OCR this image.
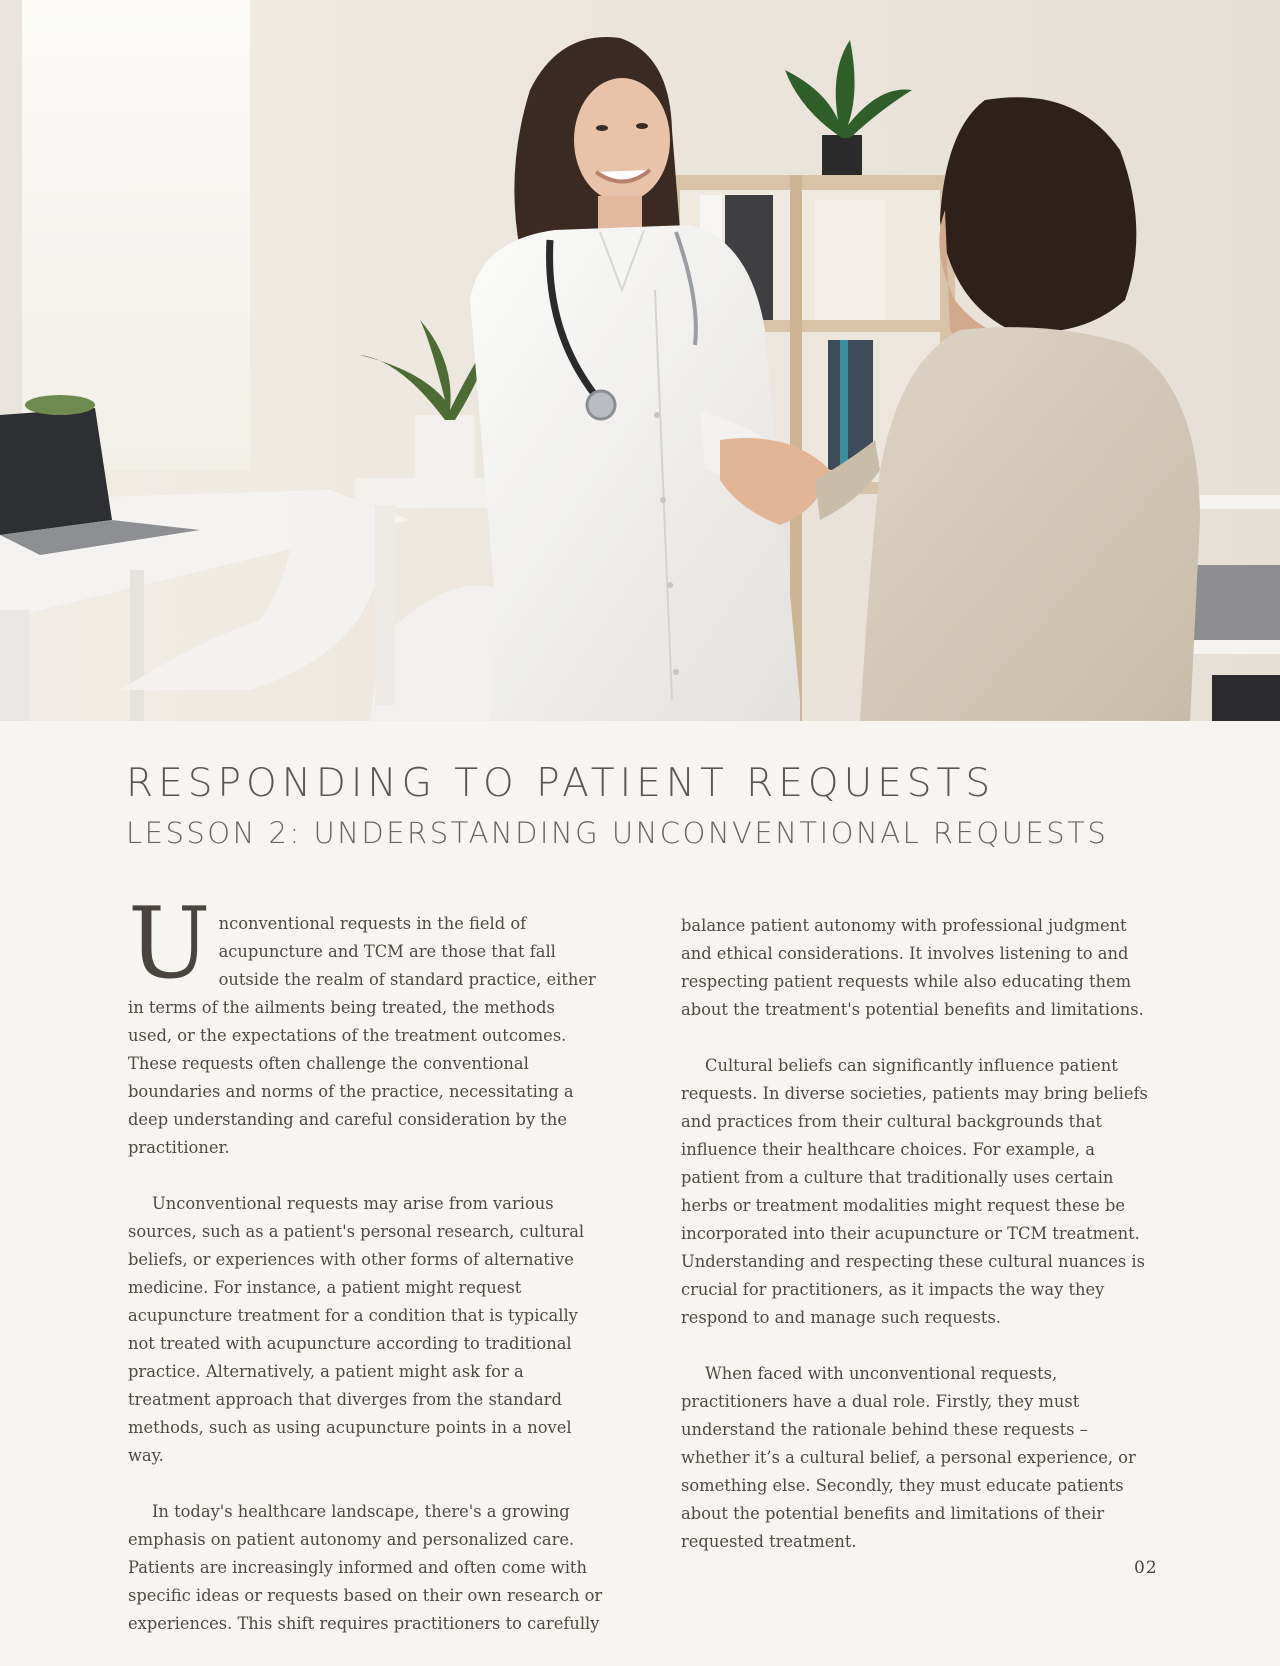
RESPONDING TO PATIENT REQUESTS
LESSON 2: UNDERSTANDING UNCONVENTIONAL REQUESTS

Unconventional requests in the field of acupuncture and TCM are those that fall outside the realm of standard practice, either in terms of the ailments being treated, the methods used, or the expectations of the treatment outcomes. These requests often challenge the conventional boundaries and norms of the practice, necessitating a deep understanding and careful consideration by the practitioner.

Unconventional requests may arise from various sources, such as a patient's personal research, cultural beliefs, or experiences with other forms of alternative medicine. For instance, a patient might request acupuncture treatment for a condition that is typically not treated with acupuncture according to traditional practice. Alternatively, a patient might ask for a treatment approach that diverges from the standard methods, such as using acupuncture points in a novel way.

In today's healthcare landscape, there's a growing emphasis on patient autonomy and personalized care. Patients are increasingly informed and often come with specific ideas or requests based on their own research or experiences. This shift requires practitioners to carefully

balance patient autonomy with professional judgment and ethical considerations. It involves listening to and respecting patient requests while also educating them about the treatment's potential benefits and limitations.

Cultural beliefs can significantly influence patient requests. In diverse societies, patients may bring beliefs and practices from their cultural backgrounds that influence their healthcare choices. For example, a patient from a culture that traditionally uses certain herbs or treatment modalities might request these be incorporated into their acupuncture or TCM treatment. Understanding and respecting these cultural nuances is crucial for practitioners, as it impacts the way they respond to and manage such requests.

When faced with unconventional requests, practitioners have a dual role. Firstly, they must understand the rationale behind these requests – whether it’s a cultural belief, a personal experience, or something else. Secondly, they must educate patients about the potential benefits and limitations of their requested treatment.

02
